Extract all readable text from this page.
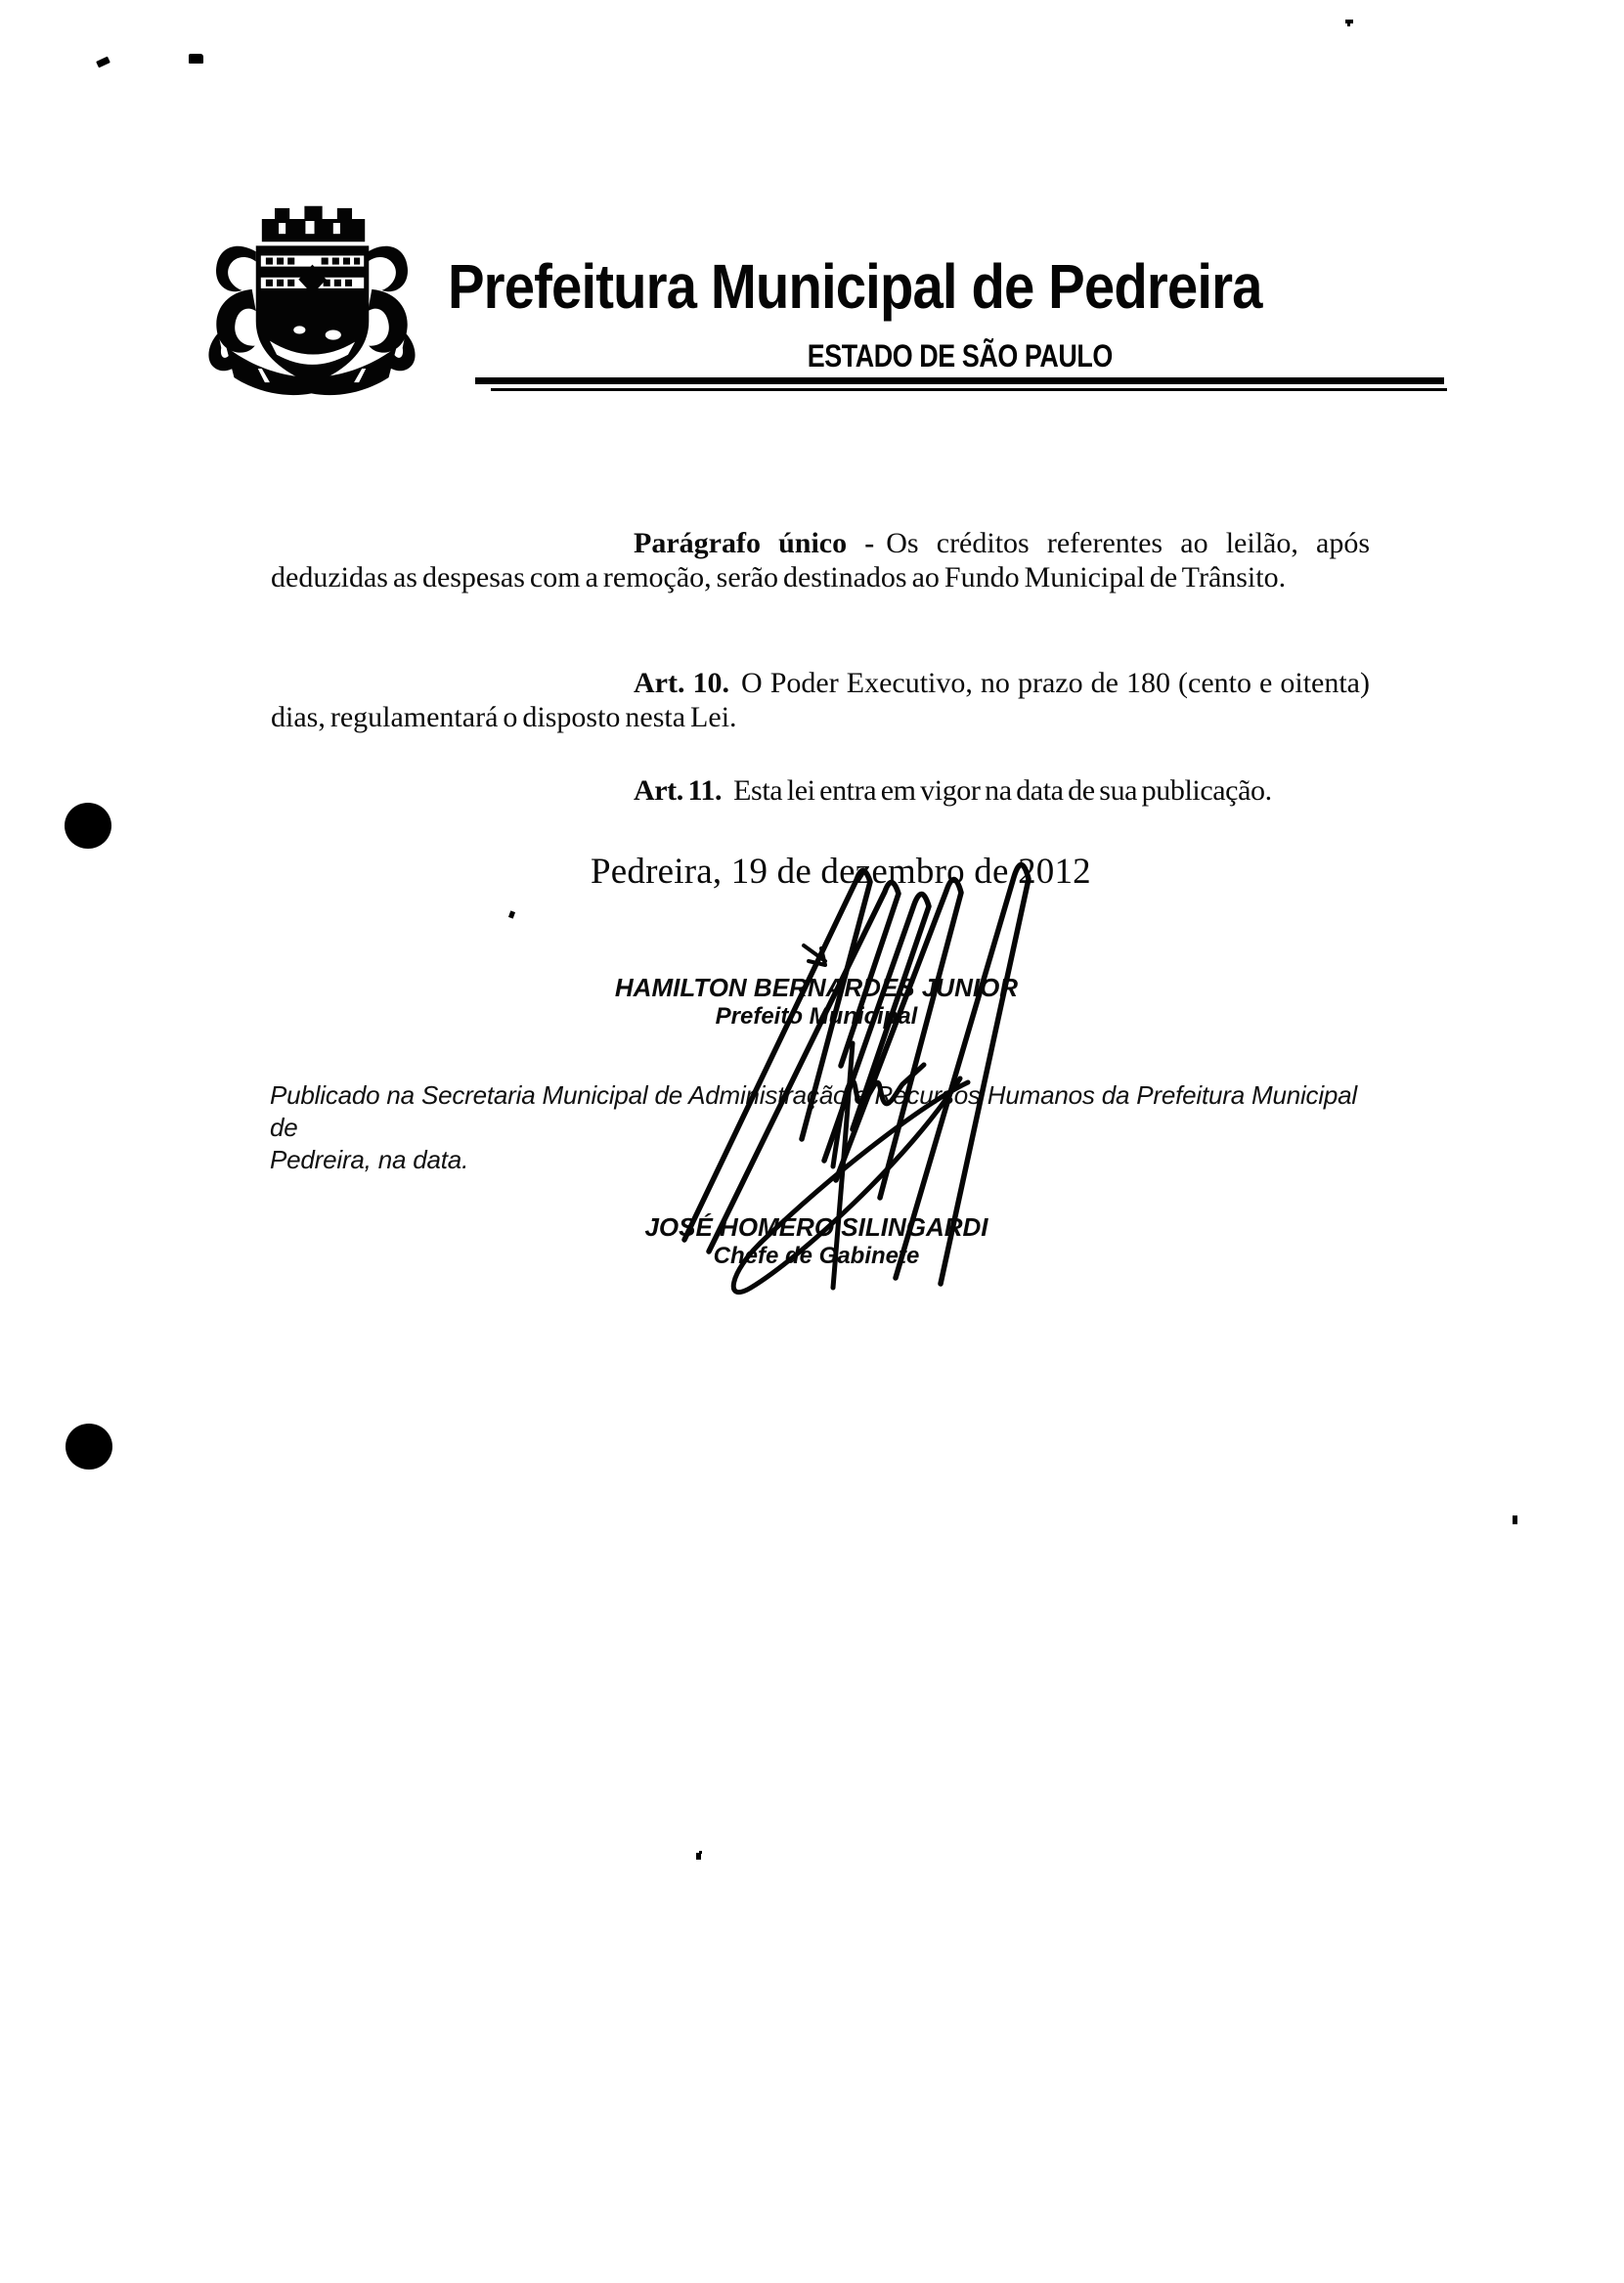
Prefeitura Municipal de Pedreira
ESTADO DE SÃO PAULO

Parágrafo único - Os créditos referentes ao leilão, após deduzidas as despesas com a remoção, serão destinados ao Fundo Municipal de Trânsito.

Art. 10. O Poder Executivo, no prazo de 180 (cento e oitenta) dias, regulamentará o disposto nesta Lei.

Art. 11. Esta lei entra em vigor na data de sua publicação.

Pedreira, 19 de dezembro de 2012
HAMILTON BERNARDES JUNIOR
Prefeito Municipal
Publicado na Secretaria Municipal de Administração e Recursos Humanos da Prefeitura Municipal de
Pedreira, na data.
JOSÉ HOMERO SILINGARDI
Chefe de Gabinete
